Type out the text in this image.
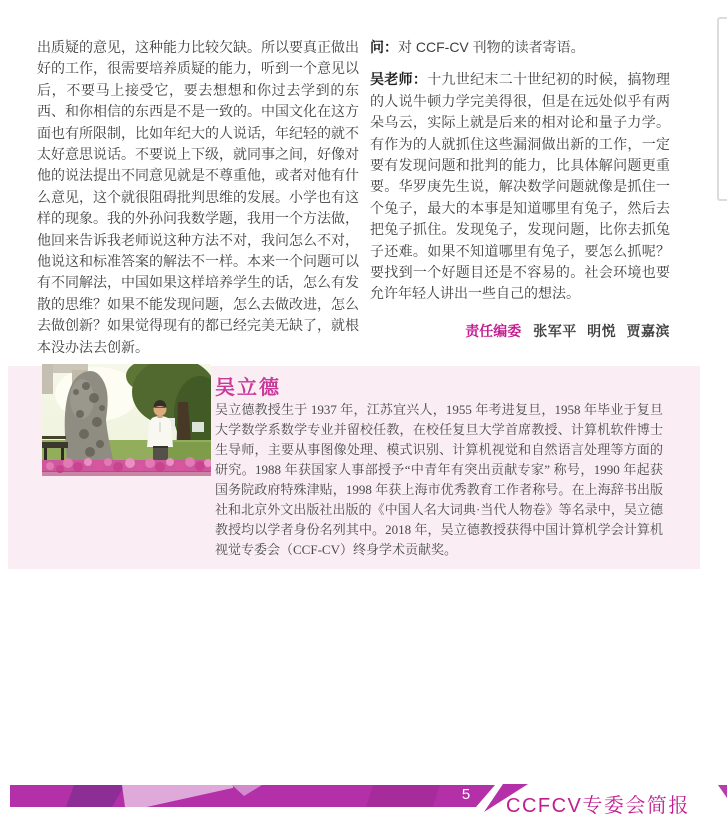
出质疑的意见，这种能力比较欠缺。所以要真正做出好的工作，很需要培养质疑的能力，听到一个意见以后，不要马上接受它，要去想想和你过去学到的东西、和你相信的东西是不是一致的。中国文化在这方面也有所限制，比如年纪大的人说话，年纪轻的就不太好意思说话。不要说上下级，就同事之间，好像对他的说法提出不同意见就是不尊重他，或者对他有什么意见，这个就很阻碍批判思维的发展。小学也有这样的现象。我的外孙问我数学题，我用一个方法做，他回来告诉我老师说这种方法不对，我问怎么不对，他说这和标准答案的解法不一样。本来一个问题可以有不同解法，中国如果这样培养学生的话，怎么有发散的思维？如果不能发现问题，怎么去做改进，怎么去做创新？如果觉得现有的都已经完美无缺了，就根本没办法去创新。

问：对 CCF-CV 刊物的读者寄语。

吴老师：十九世纪末二十世纪初的时候，搞物理的人说牛顿力学完美得很，但是在远处似乎有两朵乌云，实际上就是后来的相对论和量子力学。有作为的人就抓住这些漏洞做出新的工作，一定要有发现问题和批判的能力，比具体解问题更重要。华罗庚先生说，解决数学问题就像是抓住一个兔子，最大的本事是知道哪里有兔子，然后去把兔子抓住。发现兔子，发现问题，比你去抓兔子还难。如果不知道哪里有兔子，要怎么抓呢？要找到一个好题目还是不容易的。社会环境也要允许年轻人讲出一些自己的想法。

责任编委 张军平 明悦 贾嘉滨

吴立德

吴立德教授生于 1937 年，江苏宜兴人，1955 年考进复旦，1958 年毕业于复旦大学数学系数学专业并留校任教，在校任复旦大学首席教授、计算机软件博士生导师，主要从事图像处理、模式识别、计算机视觉和自然语言处理等方面的研究。1988 年获国家人事部授予“中青年有突出贡献专家” 称号，1990 年起获国务院政府特殊津贴，1998 年获上海市优秀教育工作者称号。在上海辞书出版社和北京外文出版社出版的《中国人名大词典·当代人物卷》等名录中，吴立德教授均以学者身份名列其中。2018 年，吴立德教授获得中国计算机学会计算机视觉专委会（CCF-CV）终身学术贡献奖。

5
CCFCV专委会简报
